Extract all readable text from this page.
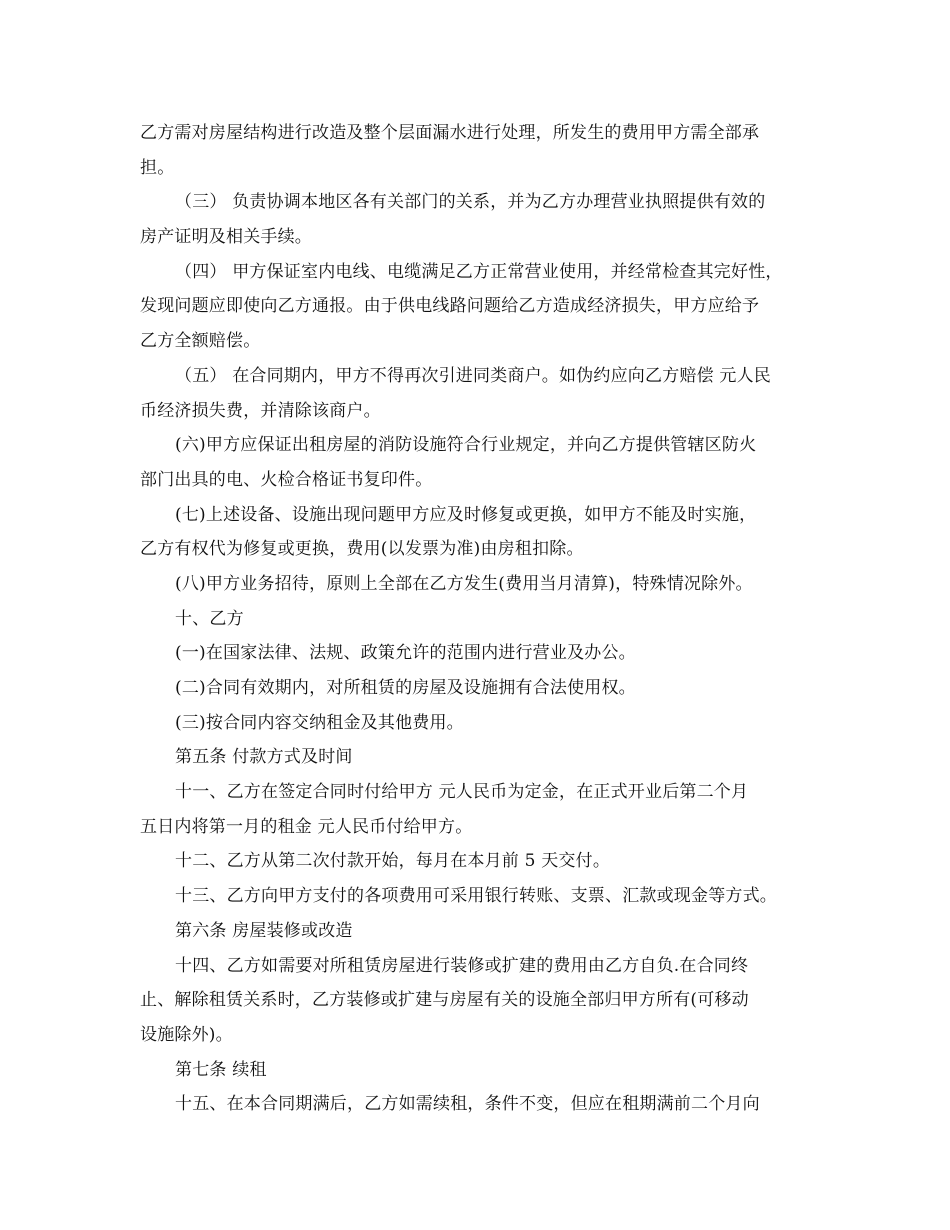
乙方需对房屋结构进行改造及整个层面漏水进行处理，所发生的费用甲方需全部承
担。
（三） 负责协调本地区各有关部门的关系，并为乙方办理营业执照提供有效的
房产证明及相关手续。
（四） 甲方保证室内电线、电缆满足乙方正常营业使用，并经常检查其完好性，
发现问题应即使向乙方通报。由于供电线路问题给乙方造成经济损失，甲方应给予
乙方全额赔偿。
（五） 在合同期内，甲方不得再次引进同类商户。如伪约应向乙方赔偿 元人民
币经济损失费，并清除该商户。
(六)甲方应保证出租房屋的消防设施符合行业规定，并向乙方提供管辖区防火
部门出具的电、火检合格证书复印件。
(七)上述设备、设施出现问题甲方应及时修复或更换，如甲方不能及时实施，
乙方有权代为修复或更换，费用(以发票为准)由房租扣除。
(八)甲方业务招待，原则上全部在乙方发生(费用当月清算)，特殊情况除外。
十、乙方
(一)在国家法律、法规、政策允许的范围内进行营业及办公。
(二)合同有效期内，对所租赁的房屋及设施拥有合法使用权。
(三)按合同内容交纳租金及其他费用。
第五条 付款方式及时间
十一、乙方在签定合同时付给甲方 元人民币为定金，在正式开业后第二个月
五日内将第一月的租金 元人民币付给甲方。
十二、乙方从第二次付款开始，每月在本月前 5 天交付。
十三、乙方向甲方支付的各项费用可采用银行转账、支票、汇款或现金等方式。
第六条 房屋装修或改造
十四、乙方如需要对所租赁房屋进行装修或扩建的费用由乙方自负.在合同终
止、解除租赁关系时，乙方装修或扩建与房屋有关的设施全部归甲方所有(可移动
设施除外)。
第七条 续租
十五、在本合同期满后，乙方如需续租，条件不变，但应在租期满前二个月向
